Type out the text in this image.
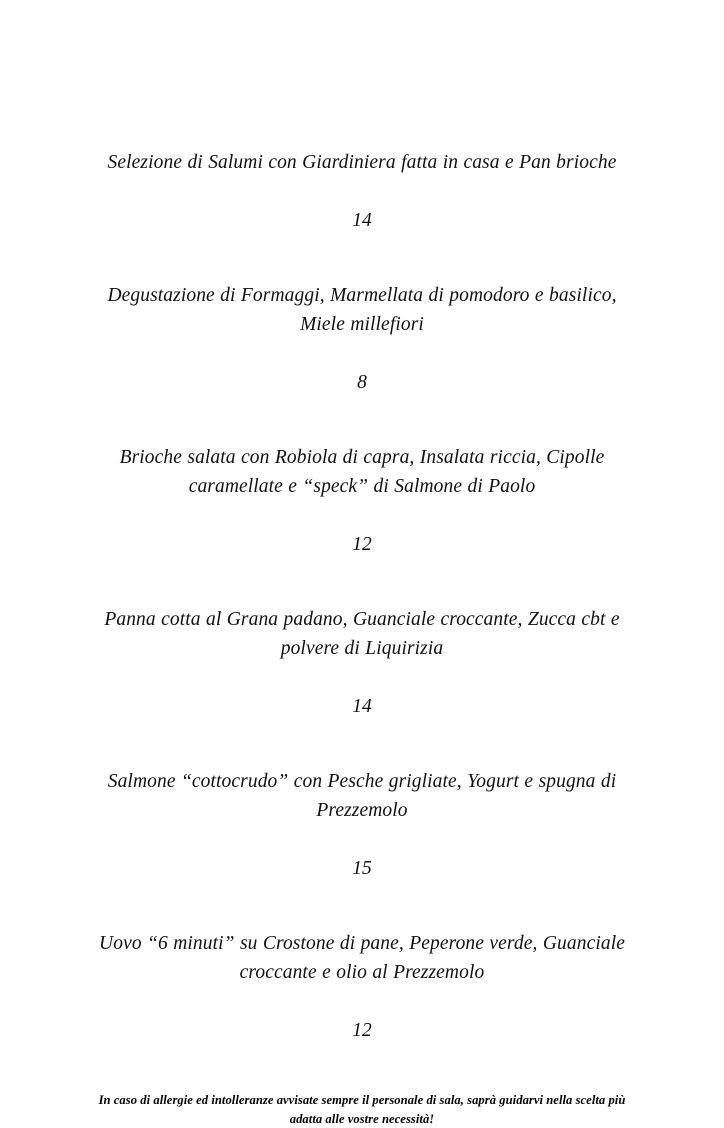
Selezione di Salumi con Giardiniera fatta in casa e Pan brioche
14
Degustazione di Formaggi, Marmellata di pomodoro e basilico, Miele millefiori
8
Brioche salata con Robiola di capra, Insalata riccia, Cipolle caramellate e “speck” di Salmone di Paolo
12
Panna cotta al Grana padano, Guanciale croccante, Zucca cbt e polvere di Liquirizia
14
Salmone “cottocrudo” con Pesche grigliate, Yogurt e spugna di Prezzemolo
15
Uovo “6 minuti” su Crostone di pane, Peperone verde, Guanciale croccante e olio al Prezzemolo
12
In caso di allergie ed intolleranze avvisate sempre il personale di sala, saprà guidarvi nella scelta più adatta alle vostre necessità!
